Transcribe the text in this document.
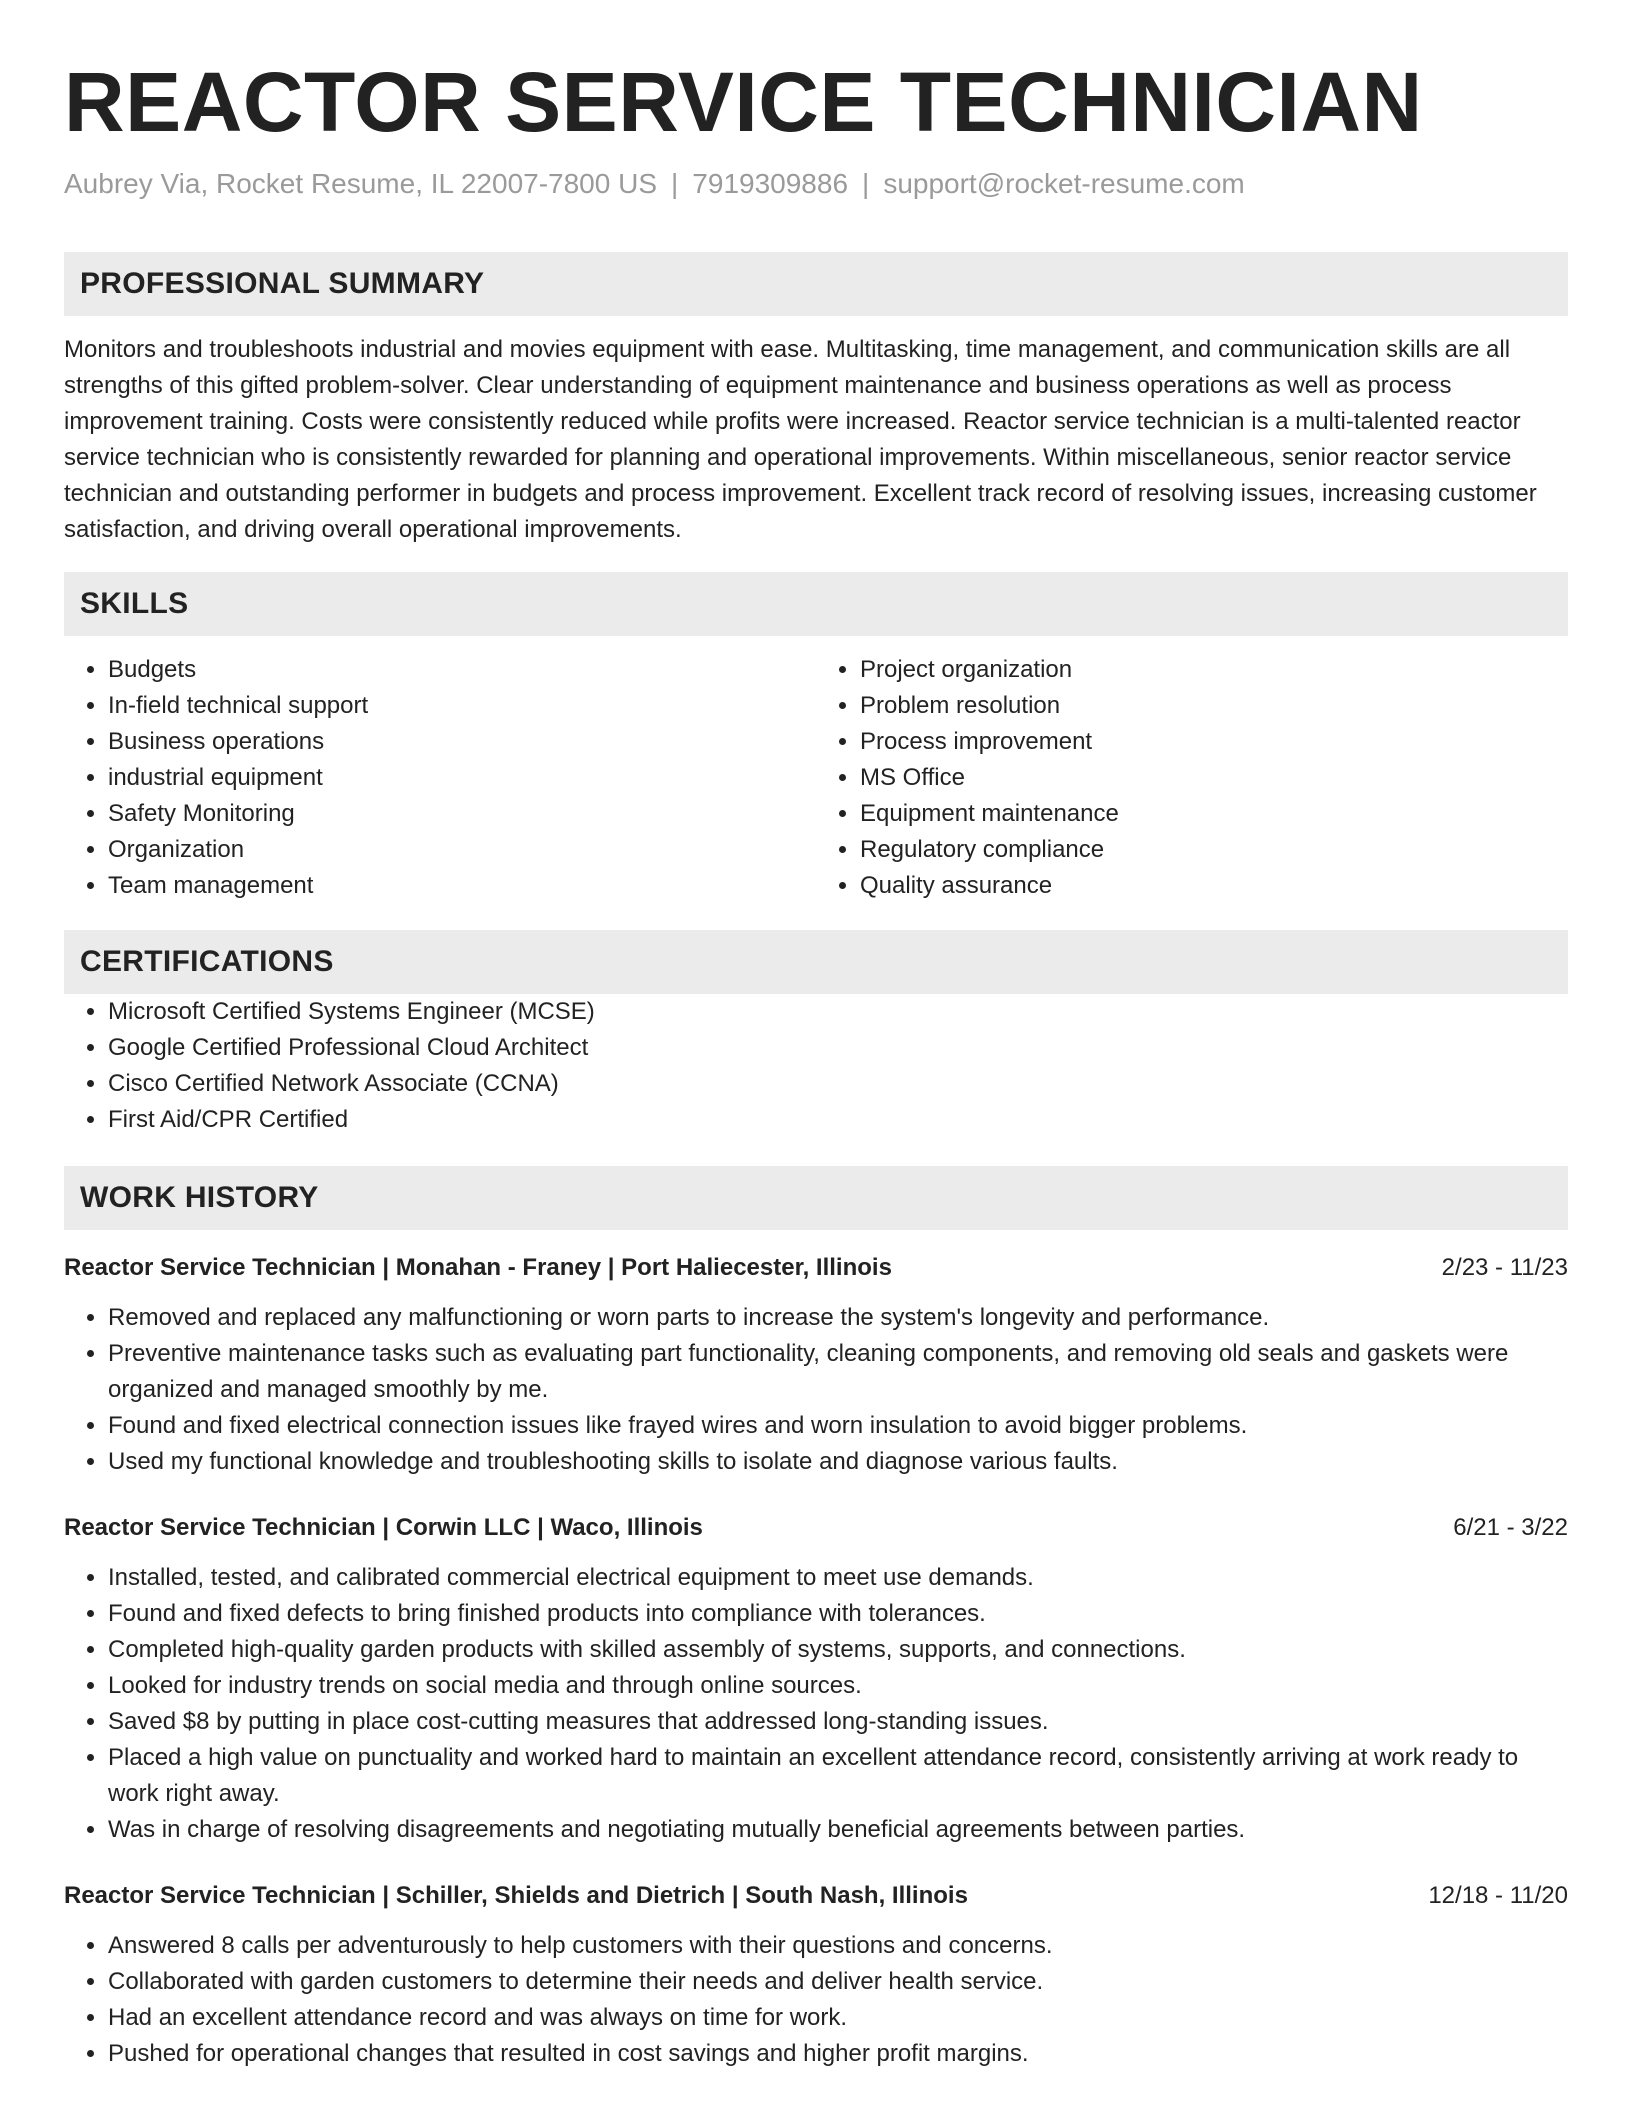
REACTOR SERVICE TECHNICIAN
Aubrey Via, Rocket Resume, IL 22007-7800 US | 7919309886 | support@rocket-resume.com
PROFESSIONAL SUMMARY

Monitors and troubleshoots industrial and movies equipment with ease. Multitasking, time management, and communication skills are all strengths of this gifted problem-solver. Clear understanding of equipment maintenance and business operations as well as process improvement training. Costs were consistently reduced while profits were increased. Reactor service technician is a multi-talented reactor service technician who is consistently rewarded for planning and operational improvements. Within miscellaneous, senior reactor service technician and outstanding performer in budgets and process improvement. Excellent track record of resolving issues, increasing customer satisfaction, and driving overall operational improvements.

SKILLS
• Budgets
• In-field technical support
• Business operations
• industrial equipment
• Safety Monitoring
• Organization
• Team management
• Project organization
• Problem resolution
• Process improvement
• MS Office
• Equipment maintenance
• Regulatory compliance
• Quality assurance
CERTIFICATIONS
• Microsoft Certified Systems Engineer (MCSE)
• Google Certified Professional Cloud Architect
• Cisco Certified Network Associate (CCNA)
• First Aid/CPR Certified
WORK HISTORY
Reactor Service Technician | Monahan - Franey | Port Haliecester, Illinois	2/23 - 11/23
• Removed and replaced any malfunctioning or worn parts to increase the system's longevity and performance.
• Preventive maintenance tasks such as evaluating part functionality, cleaning components, and removing old seals and gaskets were organized and managed smoothly by me.
• Found and fixed electrical connection issues like frayed wires and worn insulation to avoid bigger problems.
• Used my functional knowledge and troubleshooting skills to isolate and diagnose various faults.
Reactor Service Technician | Corwin LLC | Waco, Illinois	6/21 - 3/22
• Installed, tested, and calibrated commercial electrical equipment to meet use demands.
• Found and fixed defects to bring finished products into compliance with tolerances.
• Completed high-quality garden products with skilled assembly of systems, supports, and connections.
• Looked for industry trends on social media and through online sources.
• Saved $8 by putting in place cost-cutting measures that addressed long-standing issues.
• Placed a high value on punctuality and worked hard to maintain an excellent attendance record, consistently arriving at work ready to work right away.
• Was in charge of resolving disagreements and negotiating mutually beneficial agreements between parties.
Reactor Service Technician | Schiller, Shields and Dietrich | South Nash, Illinois	12/18 - 11/20
• Answered 8 calls per adventurously to help customers with their questions and concerns.
• Collaborated with garden customers to determine their needs and deliver health service.
• Had an excellent attendance record and was always on time for work.
• Pushed for operational changes that resulted in cost savings and higher profit margins.
